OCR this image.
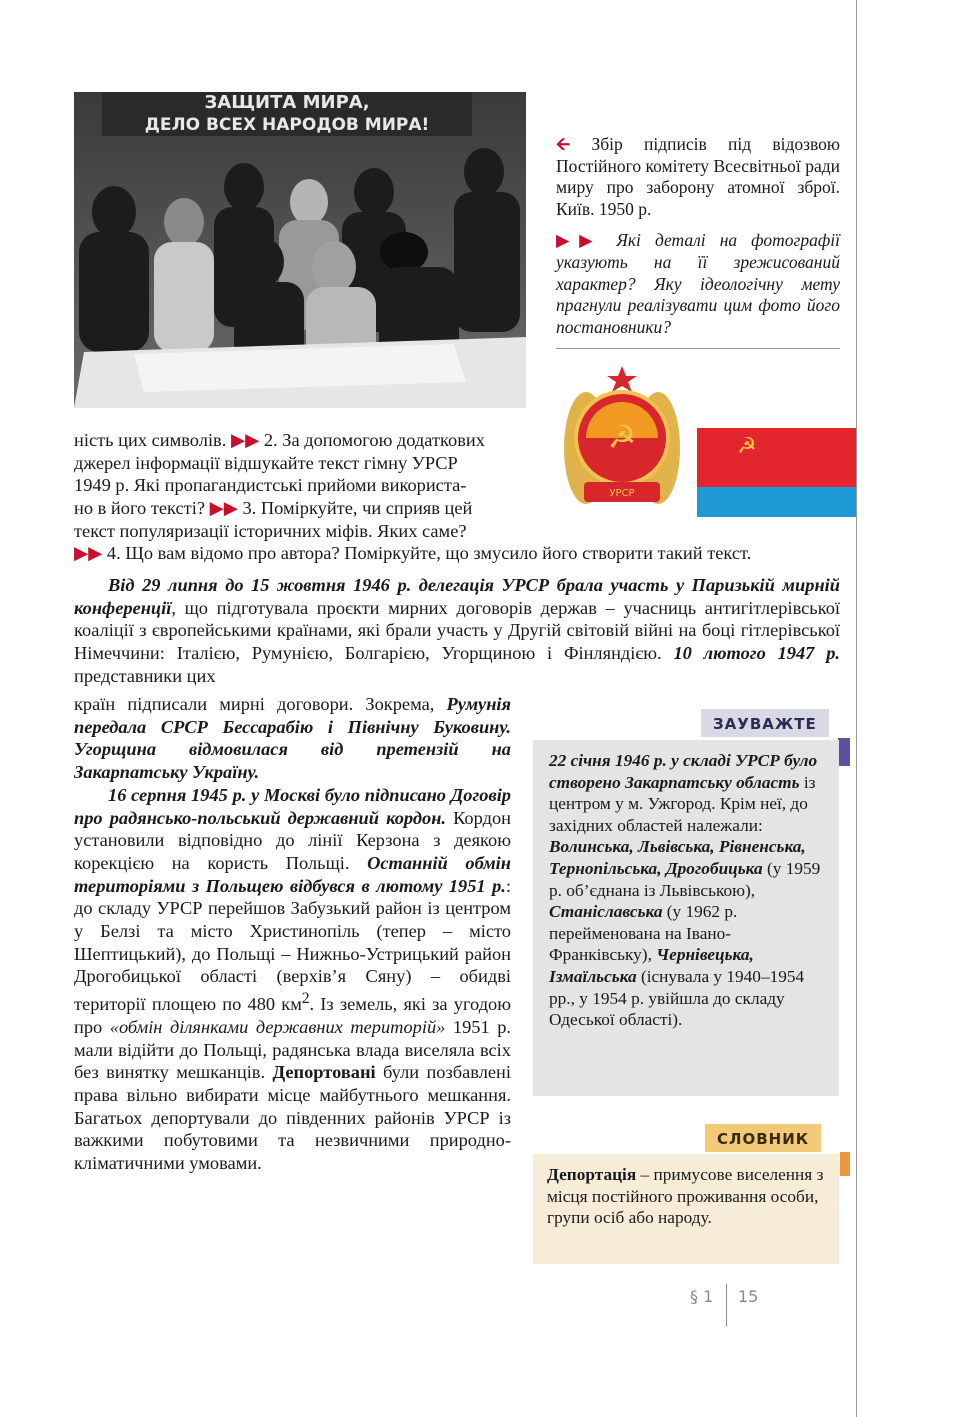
ЗАЩИТА МИРА,
ДЕЛО ВСЕХ НАРОДОВ МИРА!

🡨 Збір підписів під відозвою Постійного комітету Всесвітньої ради миру про заборону атомної зброї. Київ. 1950 р.

▶▶ Які деталі на фотографії указують на її зрежисований характер? Яку ідеологічну мету прагнули реалізувати цим фото його постановники?

☭
УРСР
☭

ність цих символів. ▶▶ 2. За допомогою додаткових

джерел інформації відшукайте текст гімну УРСР

1949 р. Які пропагандистські прийоми використа-

но в його тексті? ▶▶ 3. Поміркуйте, чи сприяв цей

текст популяризації історичних міфів. Яких саме?

▶▶ 4. Що вам відомо про автора? Поміркуйте, що змусило його створити такий текст.

Від 29 липня до 15 жовтня 1946 р. делегація УРСР брала участь у Паризькій мирній конференції, що підготувала проєкти мирних договорів держав – учасниць антигітлерівської коаліції з європейськими країнами, які брали участь у Другій світовій війні на боці гітлерівської Німеччини: Італією, Румунією, Болгарією, Угорщиною і Фінляндією. 10 лютого 1947 р. представники цих

країн підписали мирні договори. Зокрема, Румунія передала СРСР Бессарабію і Північну Буковину. Угорщина відмовилася від претензій на Закарпатську Україну.

16 серпня 1945 р. у Москві було підписано Договір про радянсько-польський державний кордон. Кордон установили відповідно до лінії Керзона з деякою корекцією на користь Польщі. Останній обмін територіями з Польщею відбувся в лютому 1951 р.: до складу УРСР перейшов Забузький район із центром у Белзі та місто Христинопіль (тепер – місто Шептицький), до Польщі – Нижньо-Устрицький район Дрогобицької області (верхів’я Сяну) – обидві території площею по 480 $км^2$. Із земель, які за угодою про «обмін ділянками державних територій» 1951 р. мали відійти до Польщі, радянська влада виселяла всіх без винятку мешканців. Депортовані були позбавлені права вільно вибирати місце майбутнього мешкання. Багатьох депортували до південних районів УРСР із важкими побутовими та незвичними природно-кліматичними умовами.

ЗАУВАЖТЕ

22 січня 1946 р. у складі УРСР було створено Закарпатську область із центром у м. Ужгород. Крім неї, до західних областей належали: Волинська, Львівська, Рівненська, Тернопільська, Дрогобицька (у 1959 р. об’єднана із Львівською), Станіславська (у 1962 р. перейменована на Івано-Франківську), Чернівецька, Ізмаїльська (існувала у 1940–1954 рр., у 1954 р. увійшла до складу Одеської області).

СЛОВНИК

Депортація – примусове виселення з місця постійного проживання особи, групи осіб або народу.

§ 1 15
